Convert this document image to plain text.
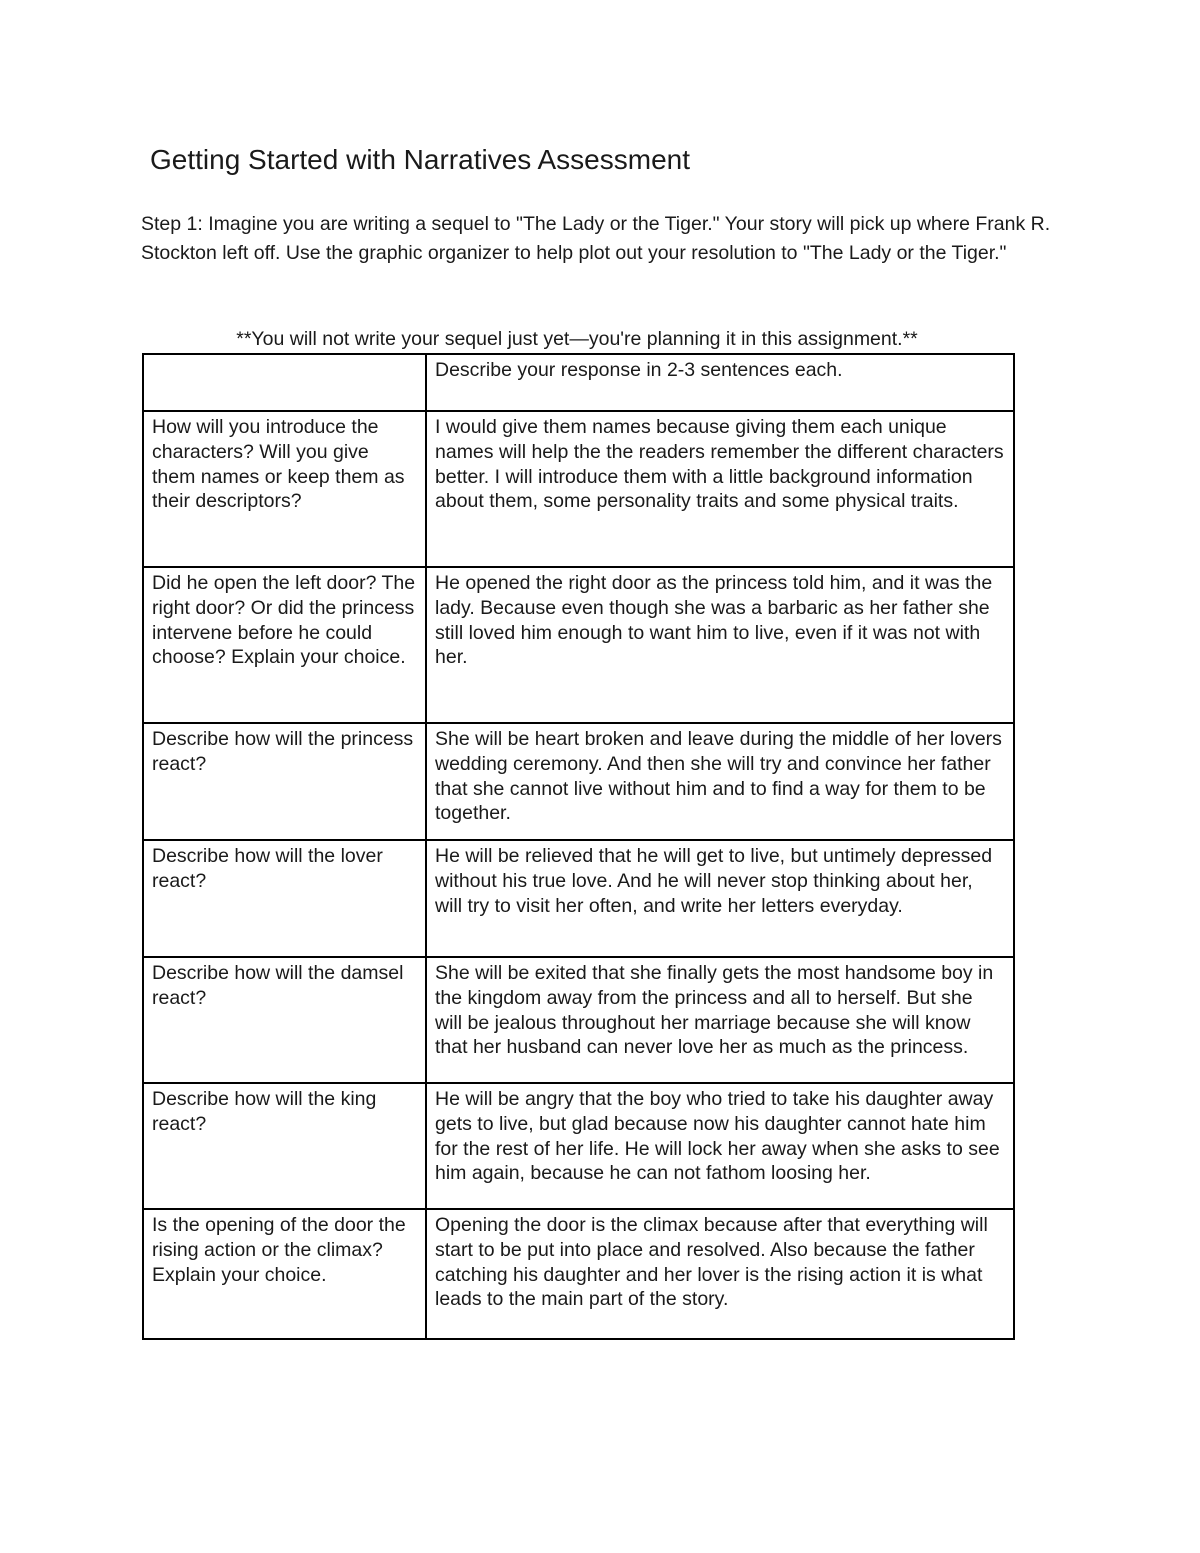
Getting Started with Narratives Assessment

Step 1: Imagine you are writing a sequel to "The Lady or the Tiger." Your story will pick up where Frank R. Stockton left off. Use the graphic organizer to help plot out your resolution to "The Lady or the Tiger."

**You will not write your sequel just yet—you're planning it in this assignment.**

	Describe your response in 2-3 sentences each.
How will you introduce the characters? Will you give them names or keep them as their descriptors?	I would give them names because giving them each unique names will help the the readers remember the different characters better. I will introduce them with a little background information about them, some personality traits and some physical traits.
Did he open the left door? The right door? Or did the princess intervene before he could choose? Explain your choice.	He opened the right door as the princess told him, and it was the lady. Because even though she was a barbaric as her father she still loved him enough to want him to live, even if it was not with her.
Describe how will the princess react?	She will be heart broken and leave during the middle of her lovers wedding ceremony. And then she will try and convince her father that she cannot live without him and to find a way for them to be together.
Describe how will the lover react?	He will be relieved that he will get to live, but untimely depressed without his true love. And he will never stop thinking about her, will try to visit her often, and write her letters everyday.
Describe how will the damsel react?	She will be exited that she finally gets the most handsome boy in the kingdom away from the princess and all to herself. But she will be jealous throughout her marriage because she will know that her husband can never love her as much as the princess.
Describe how will the king react?	He will be angry that the boy who tried to take his daughter away gets to live, but glad because now his daughter cannot hate him for the rest of her life. He will lock her away when she asks to see him again, because he can not fathom loosing her.
Is the opening of the door the rising action or the climax? Explain your choice.	Opening the door is the climax because after that everything will start to be put into place and resolved. Also because the father catching his daughter and her lover is the rising action it is what leads to the main part of the story.
